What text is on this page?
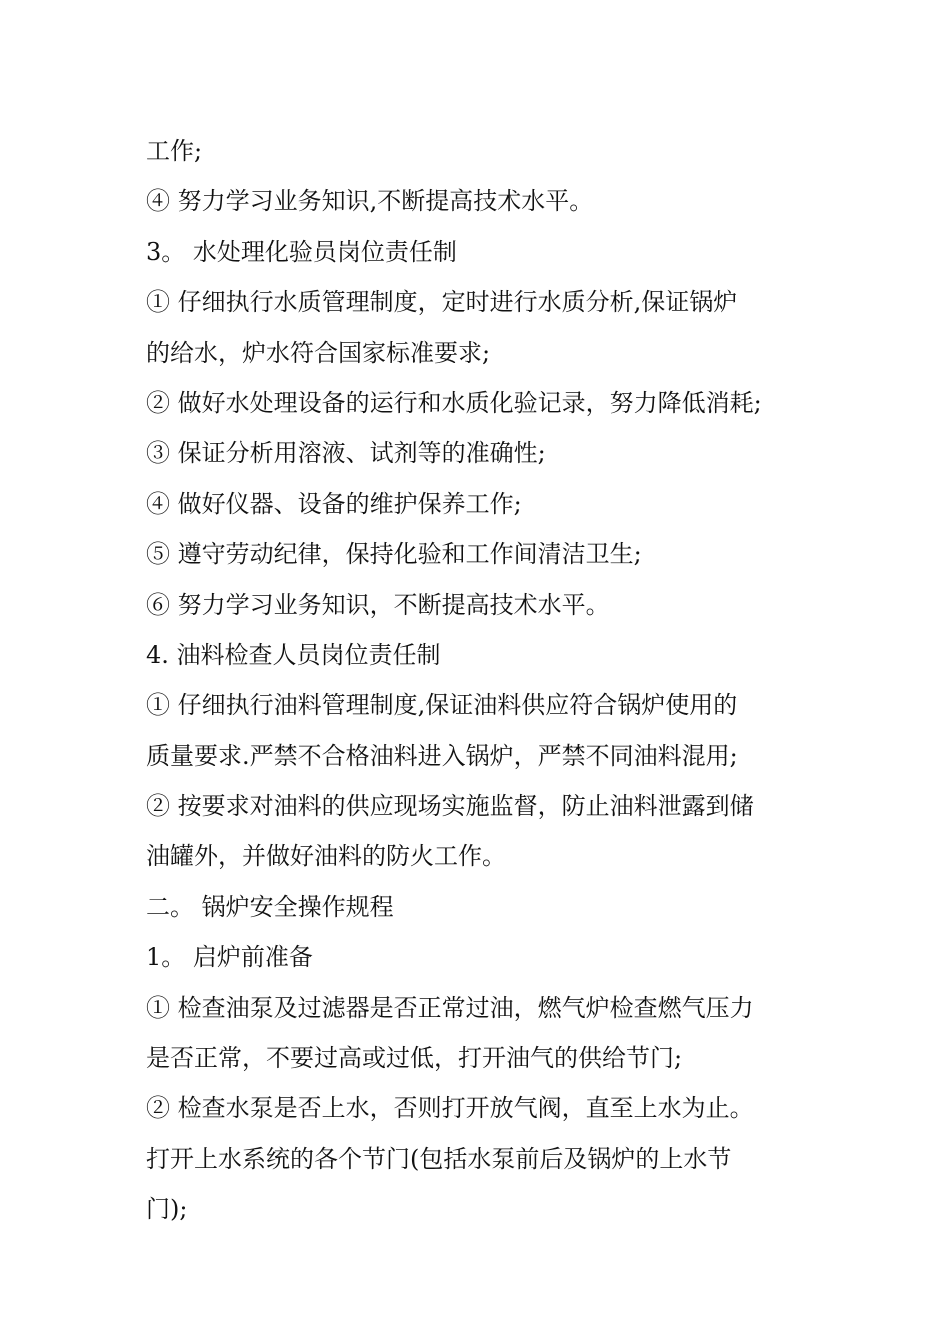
工作;
④ 努力学习业务知识,不断提高技术水平。
3。 水处理化验员岗位责任制
① 仔细执行水质管理制度，定时进行水质分析,保证锅炉
的给水，炉水符合国家标准要求;
② 做好水处理设备的运行和水质化验记录，努力降低消耗;
③ 保证分析用溶液、试剂等的准确性;
④ 做好仪器、设备的维护保养工作;
⑤ 遵守劳动纪律，保持化验和工作间清洁卫生;
⑥ 努力学习业务知识，不断提高技术水平。
4. 油料检查人员岗位责任制
① 仔细执行油料管理制度,保证油料供应符合锅炉使用的
质量要求.严禁不合格油料进入锅炉，严禁不同油料混用;
② 按要求对油料的供应现场实施监督，防止油料泄露到储
油罐外，并做好油料的防火工作。
二。 锅炉安全操作规程
1。 启炉前准备
① 检查油泵及过滤器是否正常过油，燃气炉检查燃气压力
是否正常，不要过高或过低，打开油气的供给节门;
② 检查水泵是否上水，否则打开放气阀，直至上水为止。
打开上水系统的各个节门(包括水泵前后及锅炉的上水节
门);
